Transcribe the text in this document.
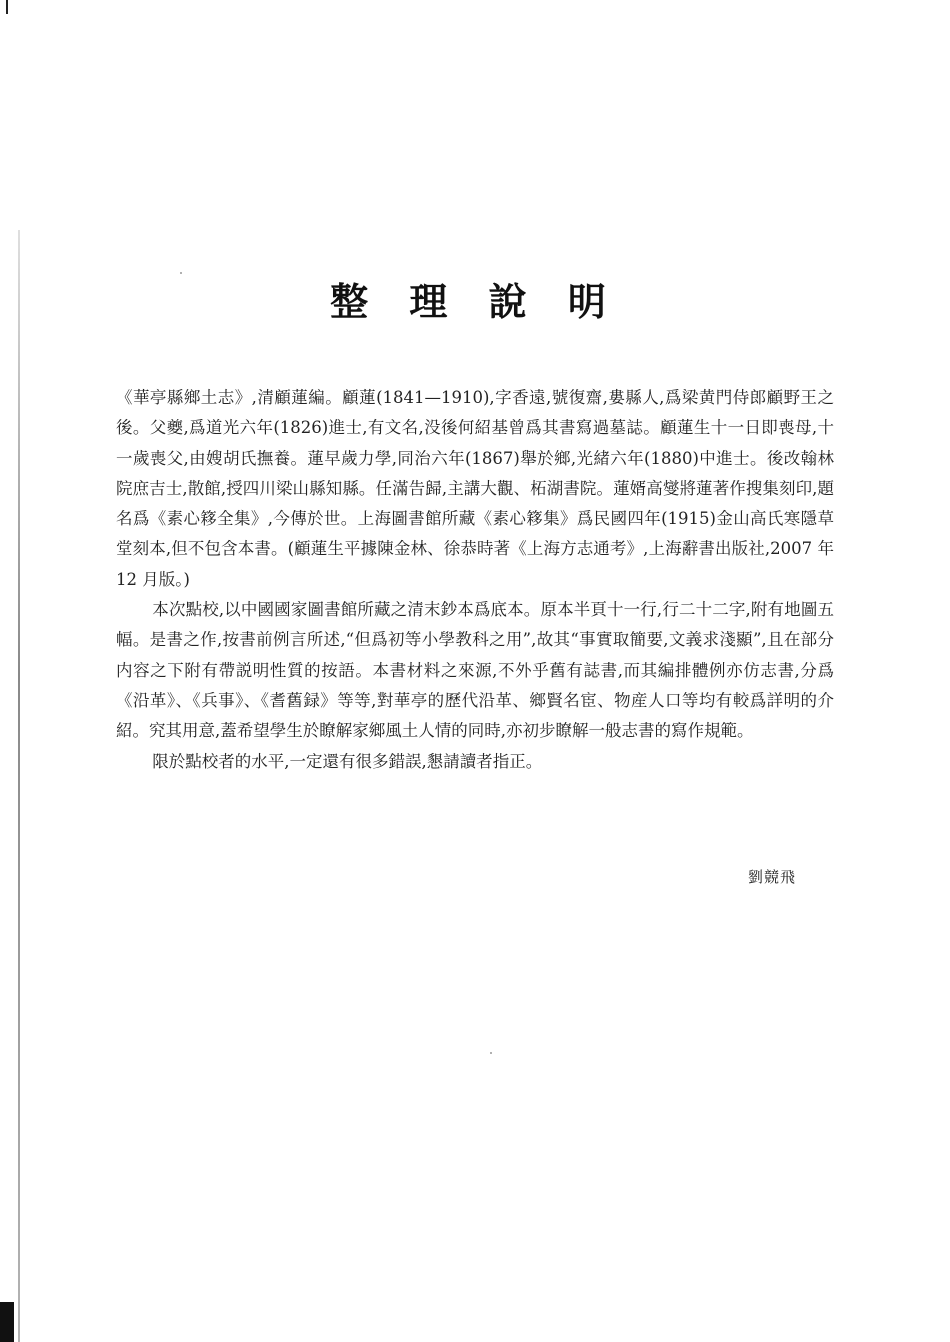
整 理 說 明

《華亭縣鄉土志》,清顧蓮編。顧蓮(1841—1910),字香遠,號復齋,婁縣人,爲梁黄門侍郎顧野王之後。父夔,爲道光六年(1826)進士,有文名,没後何紹基曾爲其書寫過墓誌。顧蓮生十一日即喪母,十一歲喪父,由嫂胡氏撫養。蓮早歲力學,同治六年(1867)舉於鄉,光緒六年(1880)中進士。後改翰林院庶吉士,散館,授四川梁山縣知縣。任滿告歸,主講大觀、柘湖書院。蓮婿高燮將蓮著作搜集刻印,題名爲《素心簃全集》,今傳於世。上海圖書館所藏《素心簃集》爲民國四年(1915)金山高氏寒隱草堂刻本,但不包含本書。(顧蓮生平據陳金林、徐恭時著《上海方志通考》,上海辭書出版社,2007 年 12 月版。)

本次點校,以中國國家圖書館所藏之清末鈔本爲底本。原本半頁十一行,行二十二字,附有地圖五幅。是書之作,按書前例言所述,“但爲初等小學教科之用”,故其“事實取簡要,文義求淺顯”,且在部分内容之下附有帶説明性質的按語。本書材料之來源,不外乎舊有誌書,而其編排體例亦仿志書,分爲《沿革》、《兵事》、《耆舊録》等等,對華亭的歷代沿革、鄉賢名宦、物産人口等均有較爲詳明的介紹。究其用意,蓋希望學生於瞭解家鄉風土人情的同時,亦初步瞭解一般志書的寫作規範。

限於點校者的水平,一定還有很多錯誤,懇請讀者指正。

劉競飛
